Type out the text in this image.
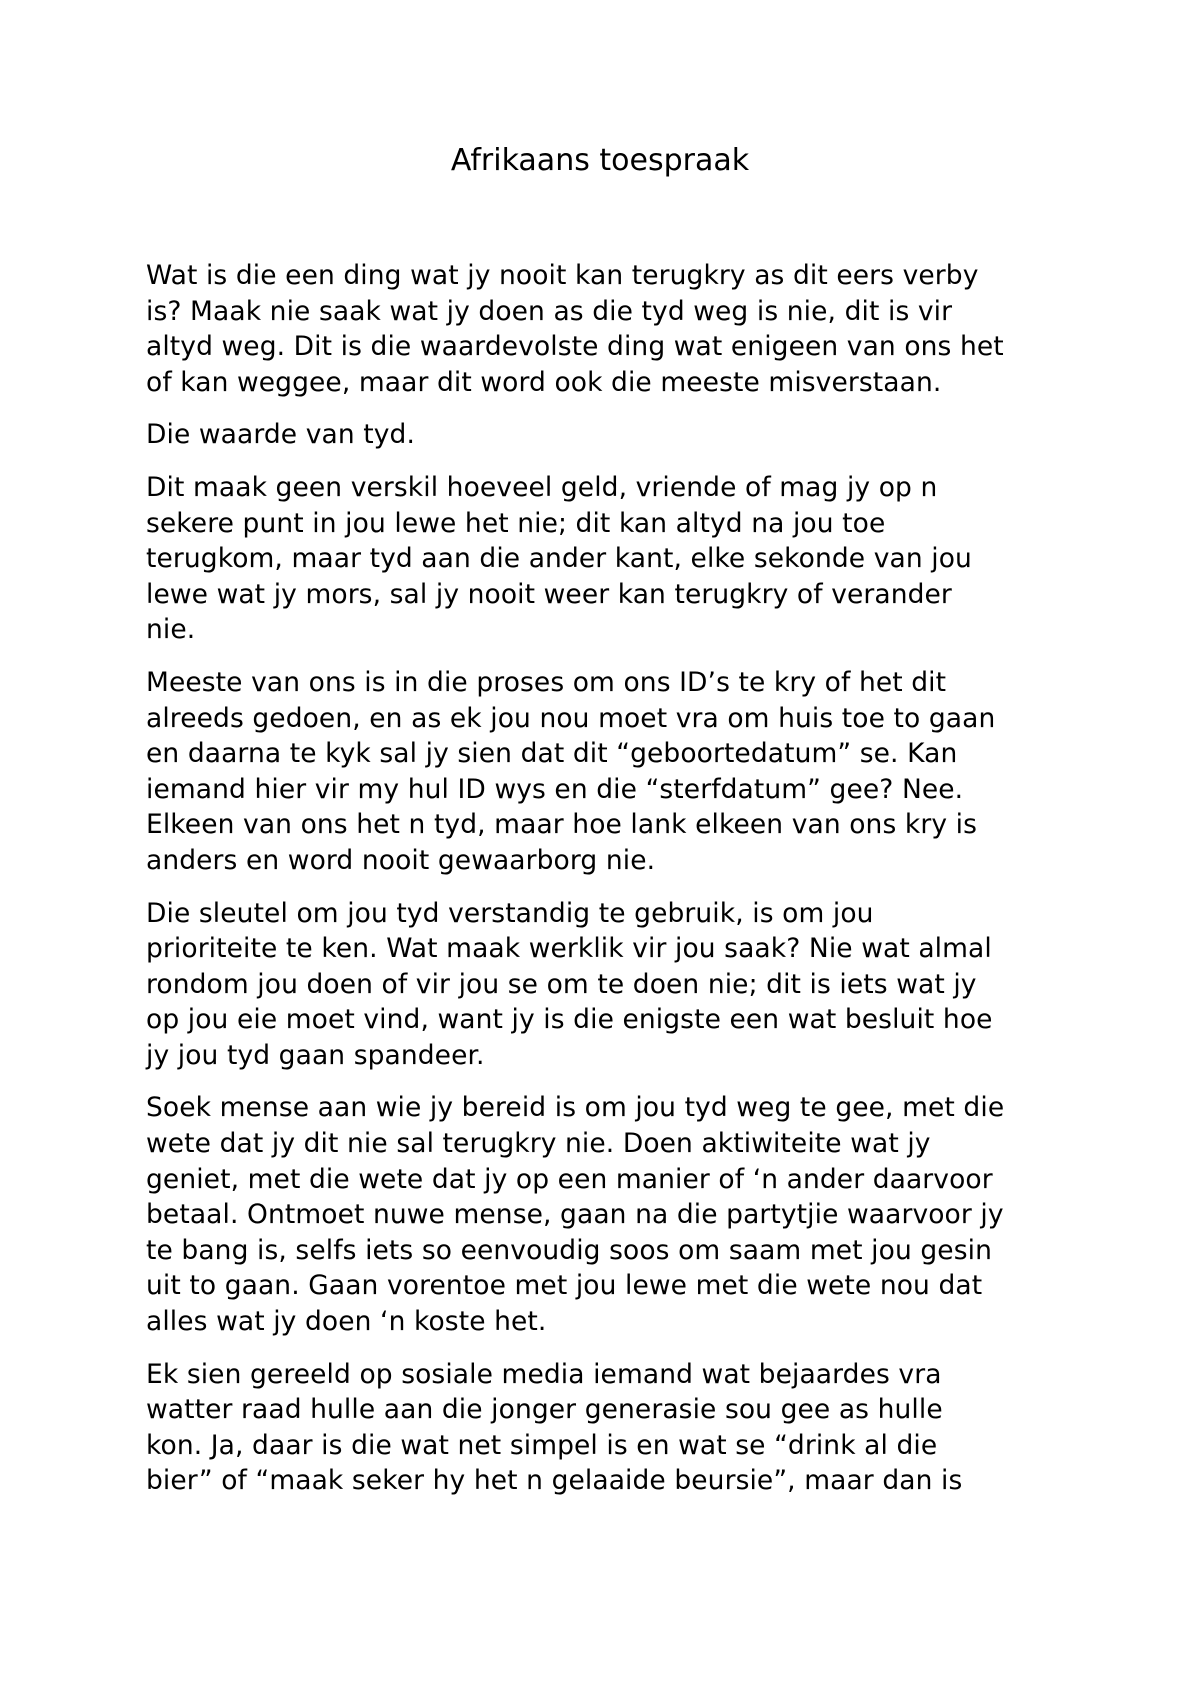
Afrikaans toespraak

Wat is die een ding wat jy nooit kan terugkry as dit eers verby
is? Maak nie saak wat jy doen as die tyd weg is nie, dit is vir
altyd weg. Dit is die waardevolste ding wat enigeen van ons het
of kan weggee, maar dit word ook die meeste misverstaan.

Die waarde van tyd.

Dit maak geen verskil hoeveel geld, vriende of mag jy op n
sekere punt in jou lewe het nie; dit kan altyd na jou toe
terugkom, maar tyd aan die ander kant, elke sekonde van jou
lewe wat jy mors, sal jy nooit weer kan terugkry of verander
nie.

Meeste van ons is in die proses om ons ID’s te kry of het dit
alreeds gedoen, en as ek jou nou moet vra om huis toe to gaan
en daarna te kyk sal jy sien dat dit “geboortedatum” se. Kan
iemand hier vir my hul ID wys en die “sterfdatum” gee? Nee.
Elkeen van ons het n tyd, maar hoe lank elkeen van ons kry is
anders en word nooit gewaarborg nie.

Die sleutel om jou tyd verstandig te gebruik, is om jou
prioriteite te ken. Wat maak werklik vir jou saak? Nie wat almal
rondom jou doen of vir jou se om te doen nie; dit is iets wat jy
op jou eie moet vind, want jy is die enigste een wat besluit hoe
jy jou tyd gaan spandeer.

Soek mense aan wie jy bereid is om jou tyd weg te gee, met die
wete dat jy dit nie sal terugkry nie. Doen aktiwiteite wat jy
geniet, met die wete dat jy op een manier of ‘n ander daarvoor
betaal. Ontmoet nuwe mense, gaan na die partytjie waarvoor jy
te bang is, selfs iets so eenvoudig soos om saam met jou gesin
uit to gaan. Gaan vorentoe met jou lewe met die wete nou dat
alles wat jy doen ‘n koste het.

Ek sien gereeld op sosiale media iemand wat bejaardes vra
watter raad hulle aan die jonger generasie sou gee as hulle
kon. Ja, daar is die wat net simpel is en wat se “drink al die
bier” of “maak seker hy het n gelaaide beursie”, maar dan is
